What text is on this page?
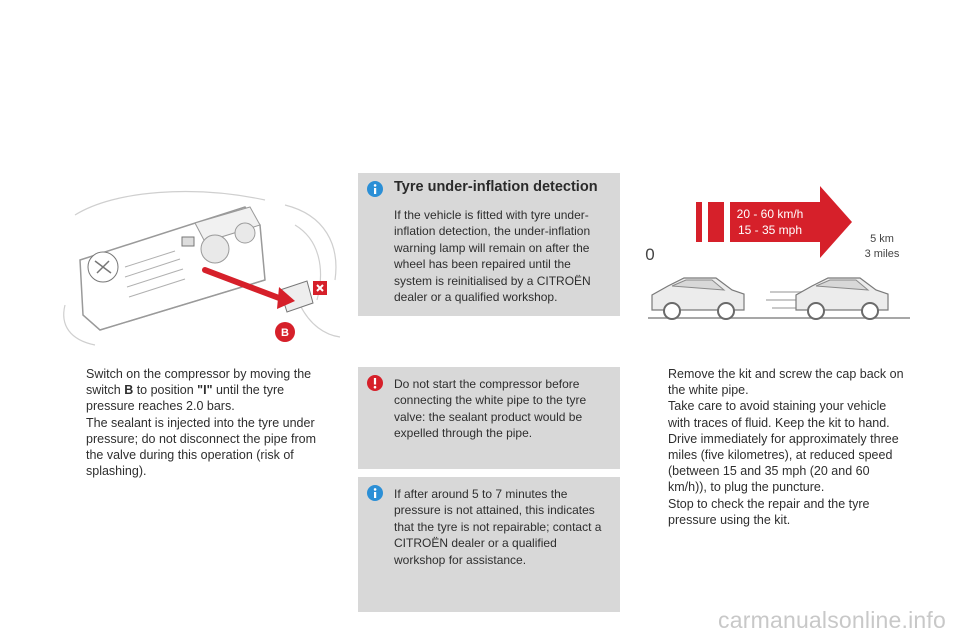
B
20 - 60 km/h
15 - 35 mph
0
5 km
3 miles

Switch on the compressor by moving the switch B to position "I" until the tyre pressure reaches 2.0 bars.

The sealant is injected into the tyre under pressure; do not disconnect the pipe from the valve during this operation (risk of splashing).

Tyre under-inflation detection

If the vehicle is fitted with tyre under-inflation detection, the under-inflation warning lamp will remain on after the wheel has been repaired until the system is reinitialised by a CITROËN dealer or a qualified workshop.

Do not start the compressor before connecting the white pipe to the tyre valve: the sealant product would be expelled through the pipe.

If after around 5 to 7 minutes the pressure is not attained, this indicates that the tyre is not repairable; contact a CITROËN dealer or a qualified workshop for assistance.

Remove the kit and screw the cap back on the white pipe.

Take care to avoid staining your vehicle with traces of fluid. Keep the kit to hand.

Drive immediately for approximately three miles (five kilometres), at reduced speed (between 15 and 35 mph (20 and 60 km/h)), to plug the puncture.

Stop to check the repair and the tyre pressure using the kit.

carmanualsonline.info
